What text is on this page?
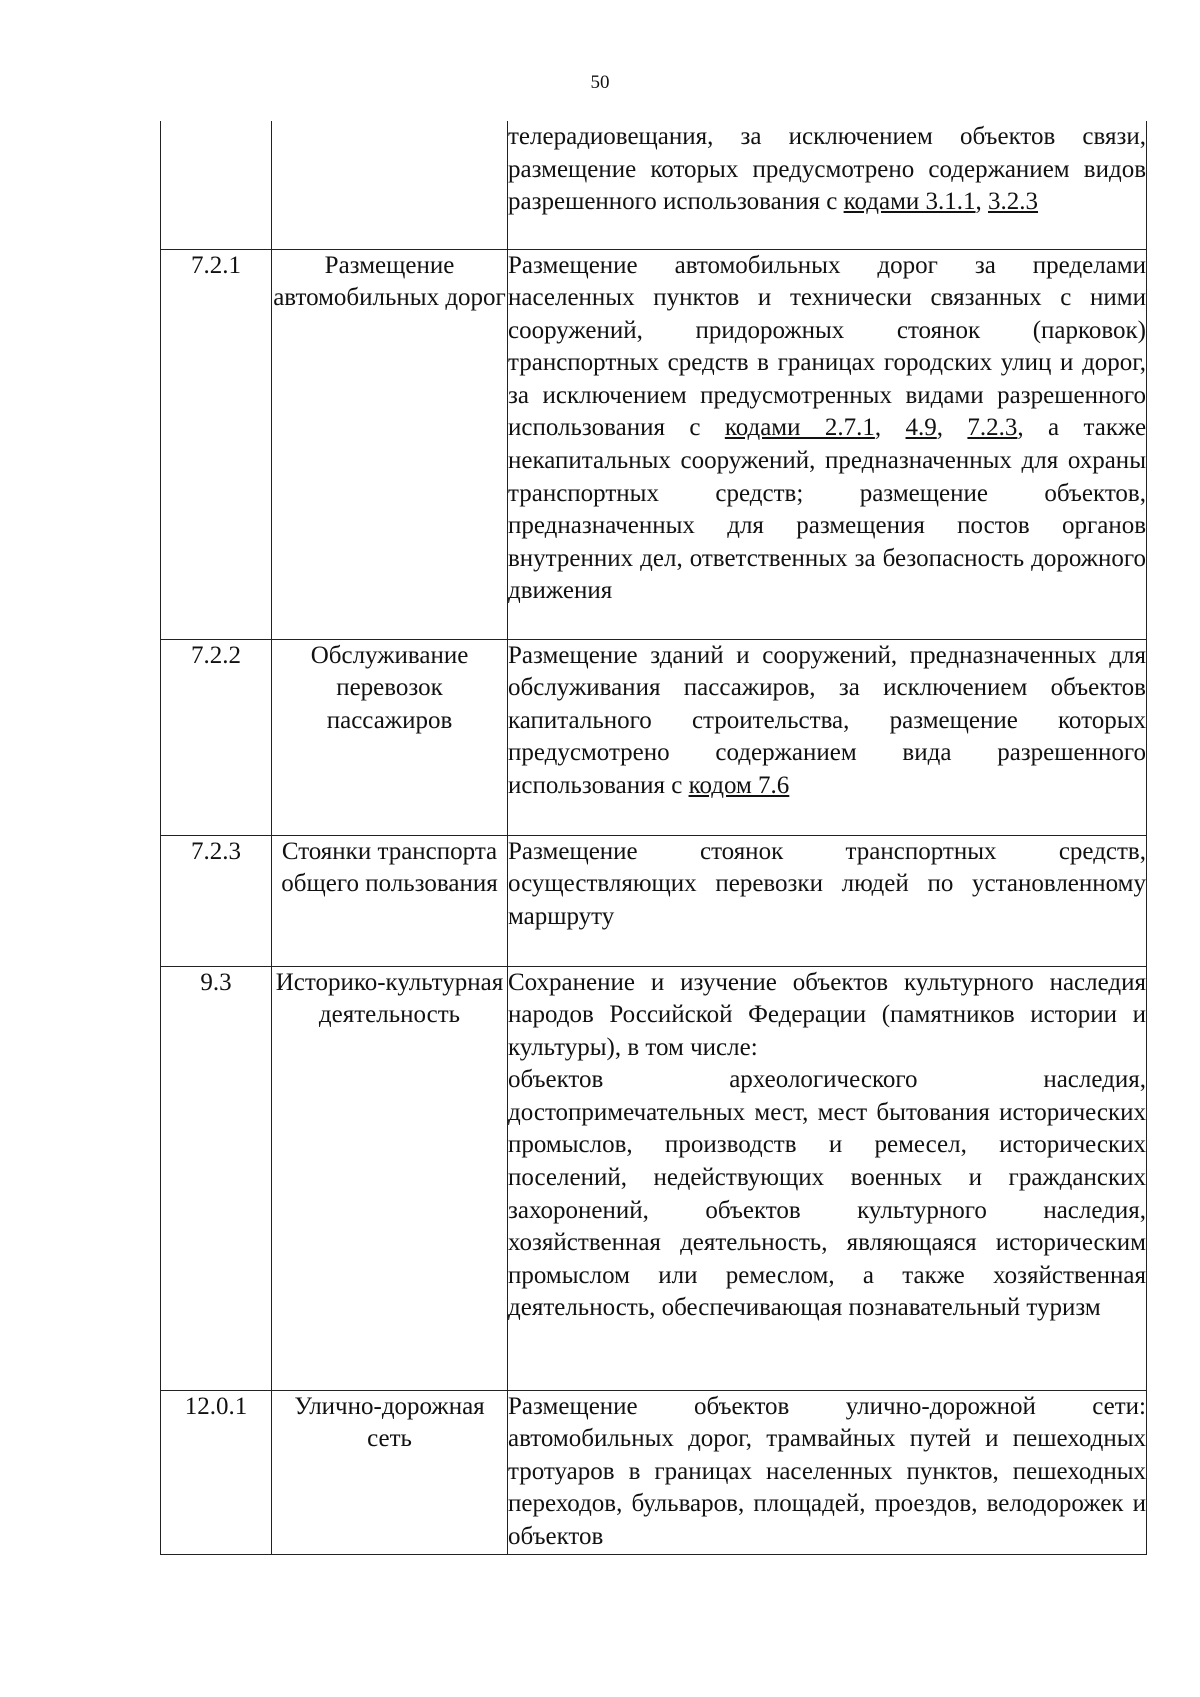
50
		телерадиовещания, за исключением объектов связи, размещение которых предусмотрено содержанием видов разрешенного использования с кодами 3.1.1, 3.2.3
7.2.1	Размещение автомобильных дорог	Размещение автомобильных дорог за пределами населенных пунктов и технически связанных с ними сооружений, придорожных стоянок (парковок) транспортных средств в границах городских улиц и дорог, за исключением предусмотренных видами разрешенного использования с кодами 2.7.1, 4.9, 7.2.3, а также некапитальных сооружений, предназначенных для охраны транспортных средств; размещение объектов, предназначенных для размещения постов органов внутренних дел, ответственных за безопасность дорожного движения
7.2.2	Обслуживание перевозок пассажиров	Размещение зданий и сооружений, предназначенных для обслуживания пассажиров, за исключением объектов капитального строительства, размещение которых предусмотрено содержанием вида разрешенного использования с кодом 7.6
7.2.3	Стоянки транспорта общего пользования	Размещение стоянок транспортных средств, осуществляющих перевозки людей по установленному маршруту
9.3	Историко-культурная деятельность	Сохранение и изучение объектов культурного наследия народов Российской Федерации (памятников истории и культуры), в том числе:

объектов археологического наследия, достопримечательных мест, мест бытования исторических промыслов, производств и ремесел, исторических поселений, недействующих военных и гражданских захоронений, объектов культурного наследия, хозяйственная деятельность, являющаяся историческим промыслом или ремеслом, а также хозяйственная деятельность, обеспечивающая познавательный туризм

12.0.1	Улично-дорожная сеть	Размещение объектов улично-дорожной сети: автомобильных дорог, трамвайных путей и пешеходных тротуаров в границах населенных пунктов, пешеходных переходов, бульваров, площадей, проездов, велодорожек и объектов
